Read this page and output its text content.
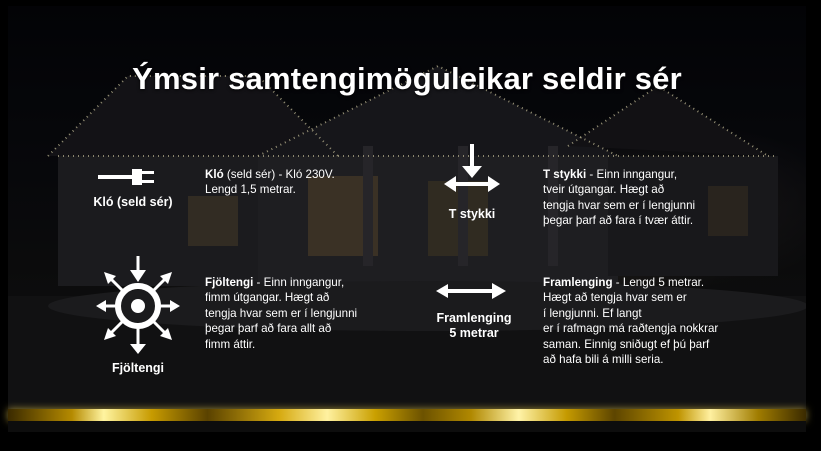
Ýmsir samtengimöguleikar seldir sér
Kló (seld sér)
Kló (seld sér) - Kló 230V.
Lengd 1,5 metrar.
T stykki
T stykki - Einn inngangur,
tveir útgangar. Hægt að
tengja hvar sem er í lengjunni
þegar þarf að fara í tvær áttir.
Fjöltengi
Fjöltengi - Einn inngangur,
fimm útgangar. Hægt að
tengja hvar sem er í lengjunni
þegar þarf að fara allt að
fimm áttir.
Framlenging
5 metrar
Framlenging - Lengd 5 metrar.
Hægt að tengja hvar sem er
í lengjunni. Ef langt
er í rafmagn má raðtengja nokkrar
saman. Einnig sniðugt ef þú þarf
að hafa bili á milli seria.
